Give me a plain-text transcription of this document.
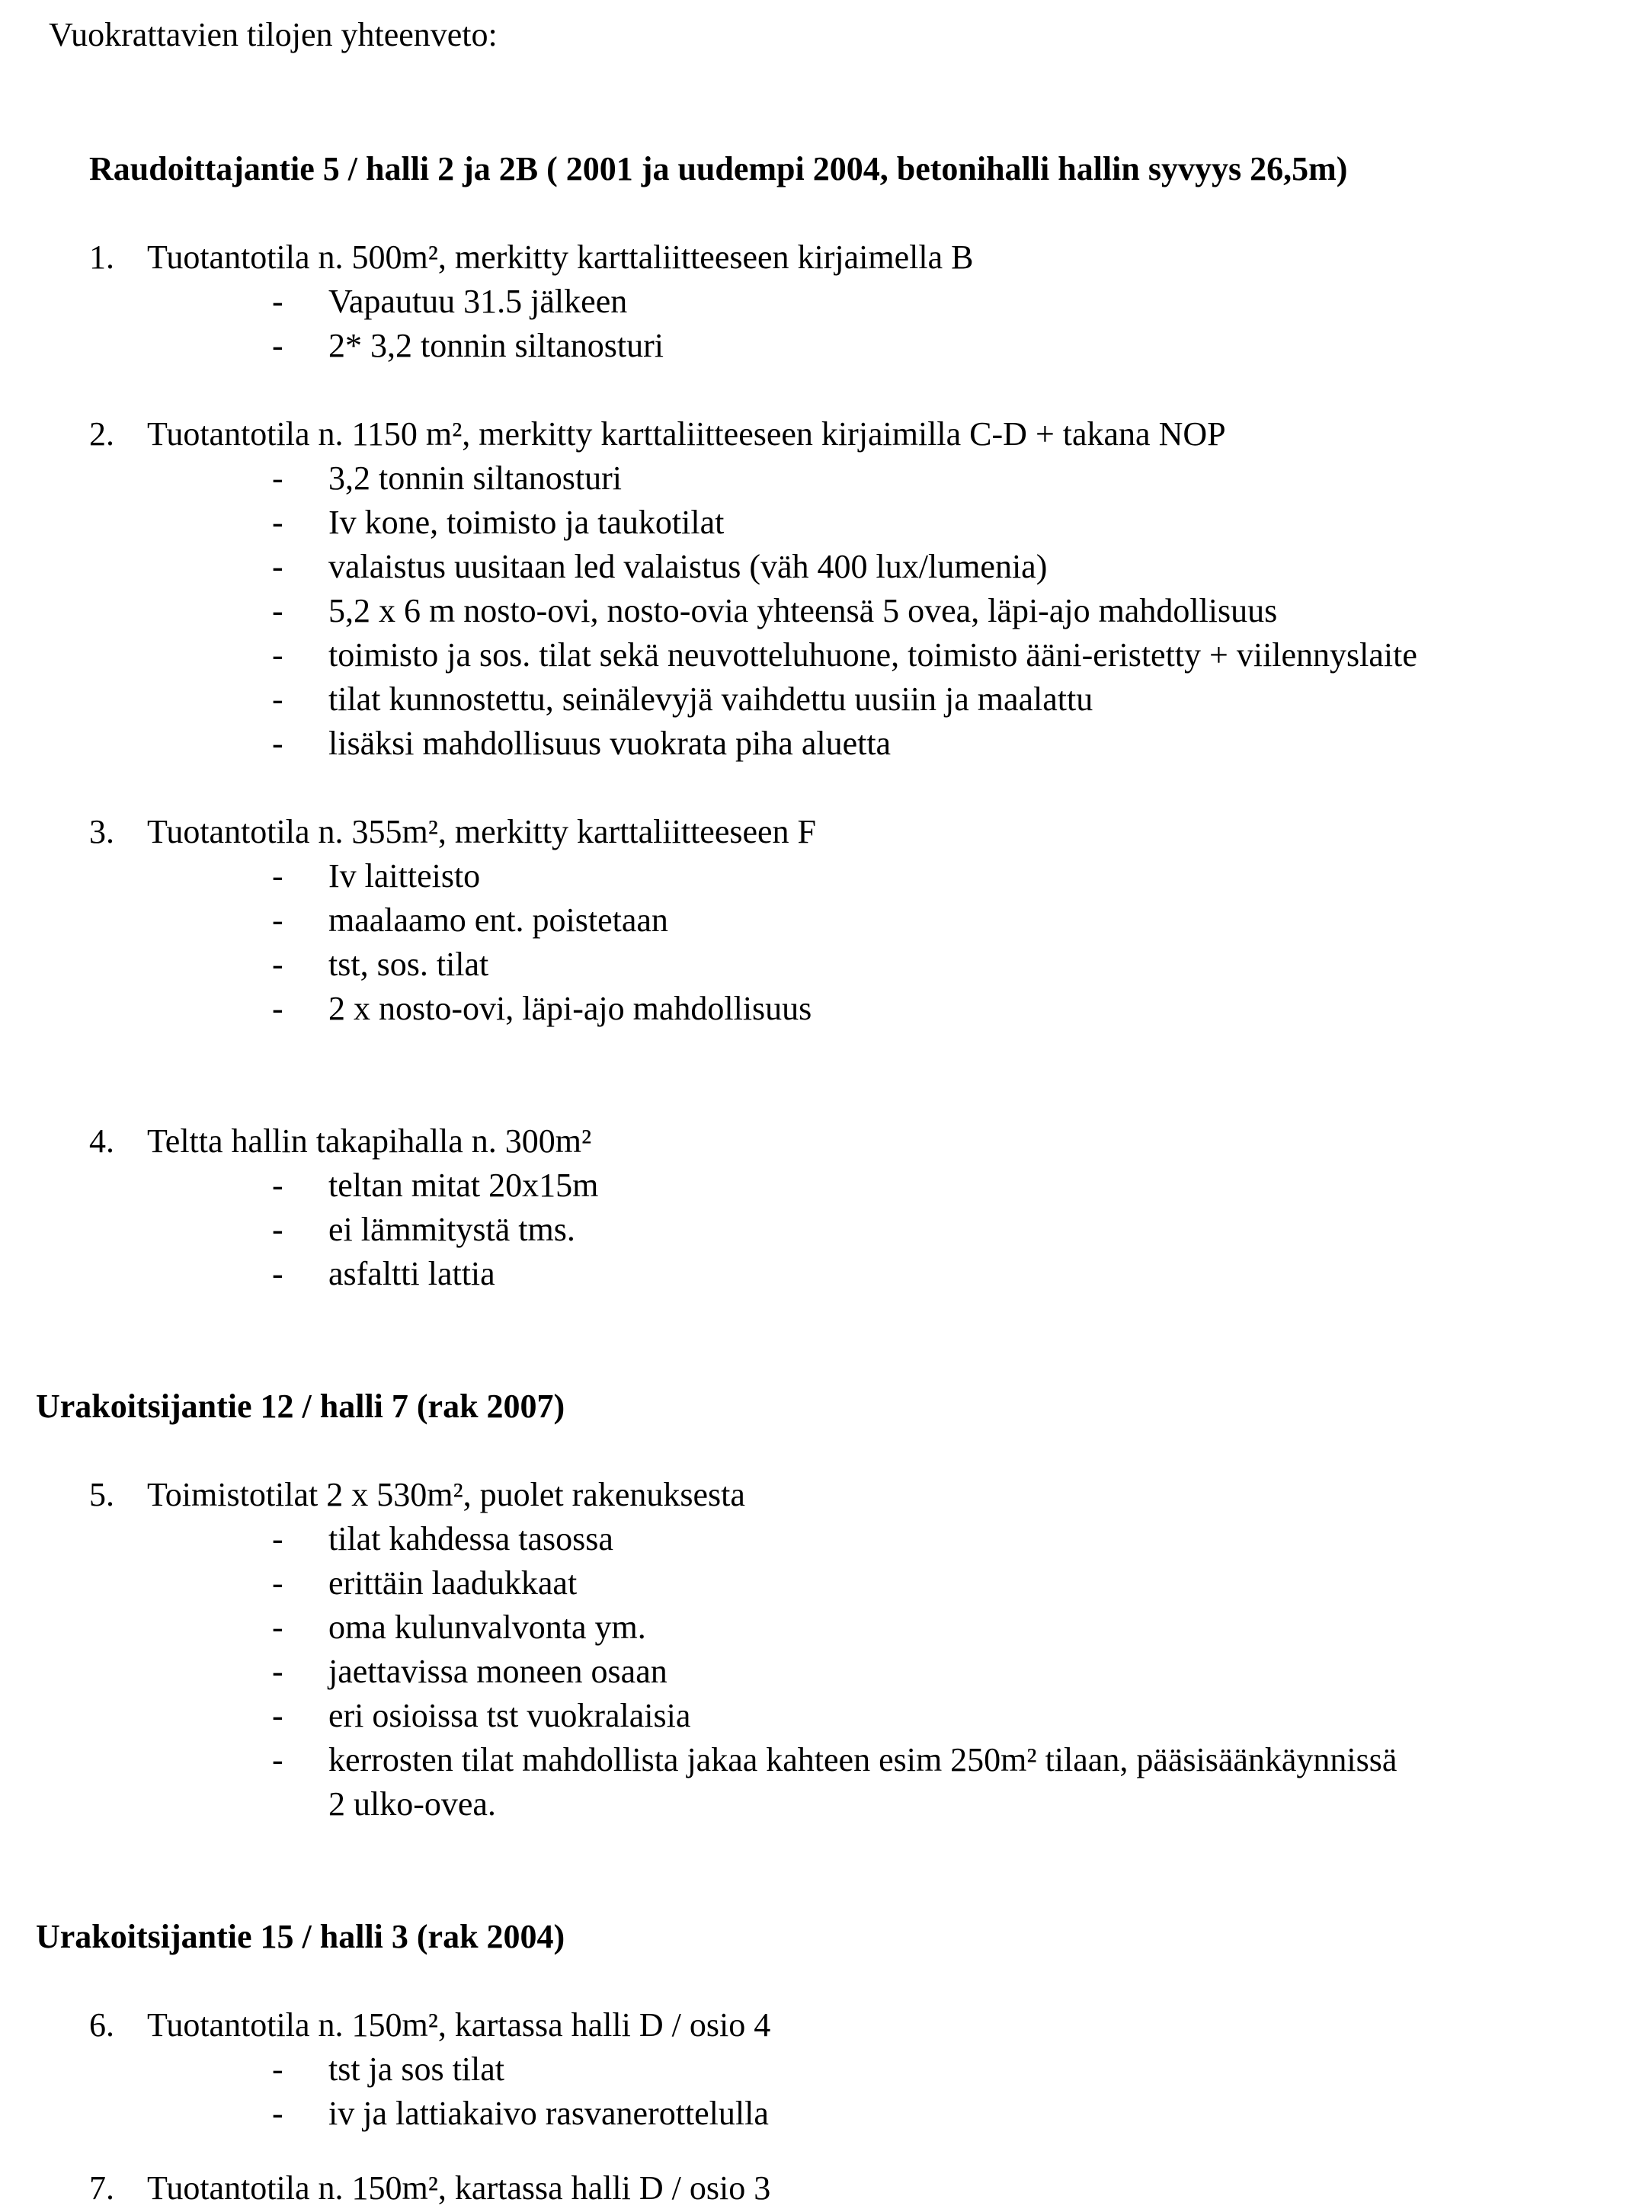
Vuokrattavien tilojen yhteenveto:
Raudoittajantie 5 / halli 2 ja 2B ( 2001 ja uudempi 2004, betonihalli hallin syvyys 26,5m)
1. Tuotantotila n. 500m², merkitty karttaliitteeseen kirjaimella B
- Vapautuu 31.5 jälkeen
- 2* 3,2 tonnin siltanosturi
2. Tuotantotila n. 1150 m², merkitty karttaliitteeseen kirjaimilla C-D + takana NOP
- 3,2 tonnin siltanosturi
- Iv kone, toimisto ja taukotilat
- valaistus uusitaan led valaistus (väh 400 lux/lumenia)
- 5,2 x 6 m nosto-ovi, nosto-ovia yhteensä 5 ovea, läpi-ajo mahdollisuus
- toimisto ja sos. tilat sekä neuvotteluhuone, toimisto ääni-eristetty + viilennyslaite
- tilat kunnostettu, seinälevyjä vaihdettu uusiin ja maalattu
- lisäksi mahdollisuus vuokrata piha aluetta
3. Tuotantotila n. 355m², merkitty karttaliitteeseen F
- Iv laitteisto
- maalaamo ent. poistetaan
- tst, sos. tilat
- 2 x nosto-ovi, läpi-ajo mahdollisuus
4. Teltta hallin takapihalla n. 300m²
- teltan mitat 20x15m
- ei lämmitystä tms.
- asfaltti lattia
Urakoitsijantie 12 / halli 7 (rak 2007)
5. Toimistotilat 2 x 530m², puolet rakenuksesta
- tilat kahdessa tasossa
- erittäin laadukkaat
- oma kulunvalvonta ym.
- jaettavissa moneen osaan
- eri osioissa tst vuokralaisia
- kerrosten tilat mahdollista jakaa kahteen esim 250m² tilaan, pääsisäänkäynnissä
2 ulko-ovea.
Urakoitsijantie 15 / halli 3 (rak 2004)
6. Tuotantotila n. 150m², kartassa halli D / osio 4
- tst ja sos tilat
- iv ja lattiakaivo rasvanerottelulla
7. Tuotantotila n. 150m², kartassa halli D / osio 3
